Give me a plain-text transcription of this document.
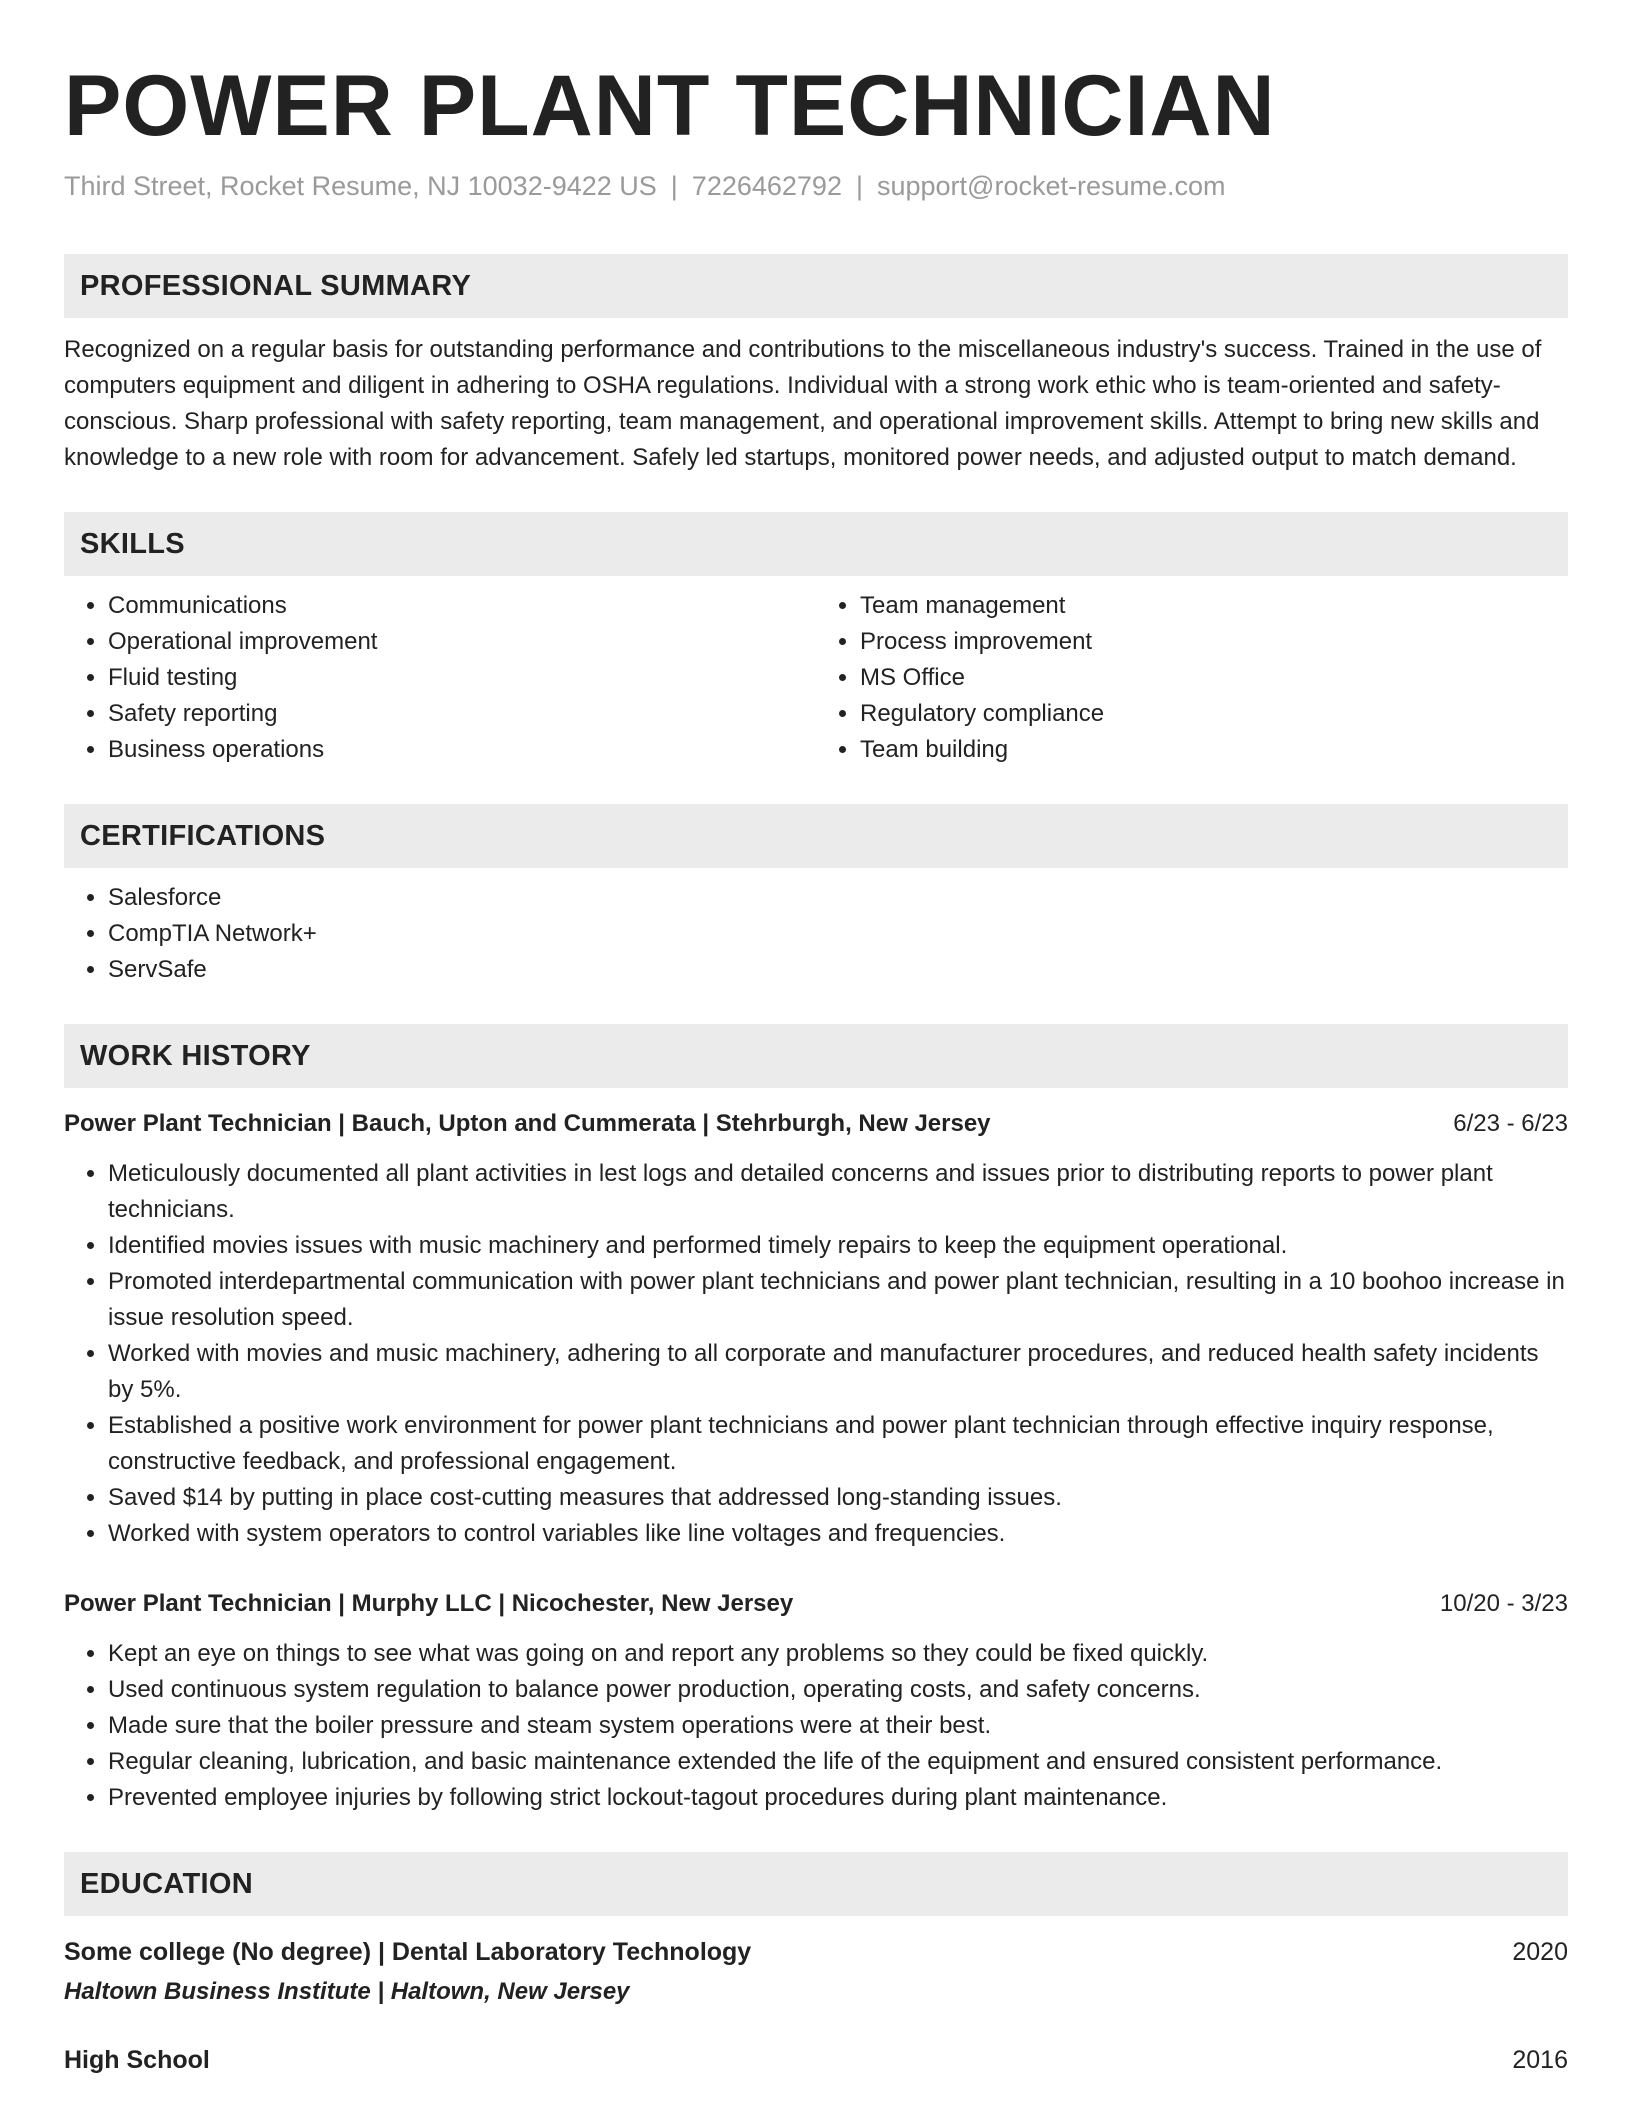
POWER PLANT TECHNICIAN
Third Street, Rocket Resume, NJ 10032-9422 US | 7226462792 | support@rocket-resume.com
PROFESSIONAL SUMMARY

Recognized on a regular basis for outstanding performance and contributions to the miscellaneous industry's success. Trained in the use of computers equipment and diligent in adhering to OSHA regulations. Individual with a strong work ethic who is team-oriented and safety-conscious. Sharp professional with safety reporting, team management, and operational improvement skills. Attempt to bring new skills and knowledge to a new role with room for advancement. Safely led startups, monitored power needs, and adjusted output to match demand.

SKILLS
• Communications
• Operational improvement
• Fluid testing
• Safety reporting
• Business operations
• Team management
• Process improvement
• MS Office
• Regulatory compliance
• Team building
CERTIFICATIONS
• Salesforce
• CompTIA Network+
• ServSafe
WORK HISTORY
Power Plant Technician | Bauch, Upton and Cummerata | Stehrburgh, New Jersey	6/23 - 6/23
• Meticulously documented all plant activities in lest logs and detailed concerns and issues prior to distributing reports to power plant technicians.
• Identified movies issues with music machinery and performed timely repairs to keep the equipment operational.
• Promoted interdepartmental communication with power plant technicians and power plant technician, resulting in a 10 boohoo increase in issue resolution speed.
• Worked with movies and music machinery, adhering to all corporate and manufacturer procedures, and reduced health safety incidents by 5%.
• Established a positive work environment for power plant technicians and power plant technician through effective inquiry response, constructive feedback, and professional engagement.
• Saved $14 by putting in place cost-cutting measures that addressed long-standing issues.
• Worked with system operators to control variables like line voltages and frequencies.
Power Plant Technician | Murphy LLC | Nicochester, New Jersey	10/20 - 3/23
• Kept an eye on things to see what was going on and report any problems so they could be fixed quickly.
• Used continuous system regulation to balance power production, operating costs, and safety concerns.
• Made sure that the boiler pressure and steam system operations were at their best.
• Regular cleaning, lubrication, and basic maintenance extended the life of the equipment and ensured consistent performance.
• Prevented employee injuries by following strict lockout-tagout procedures during plant maintenance.
EDUCATION
Some college (No degree) | Dental Laboratory Technology	2020
Haltown Business Institute | Haltown, New Jersey
High School	2016
